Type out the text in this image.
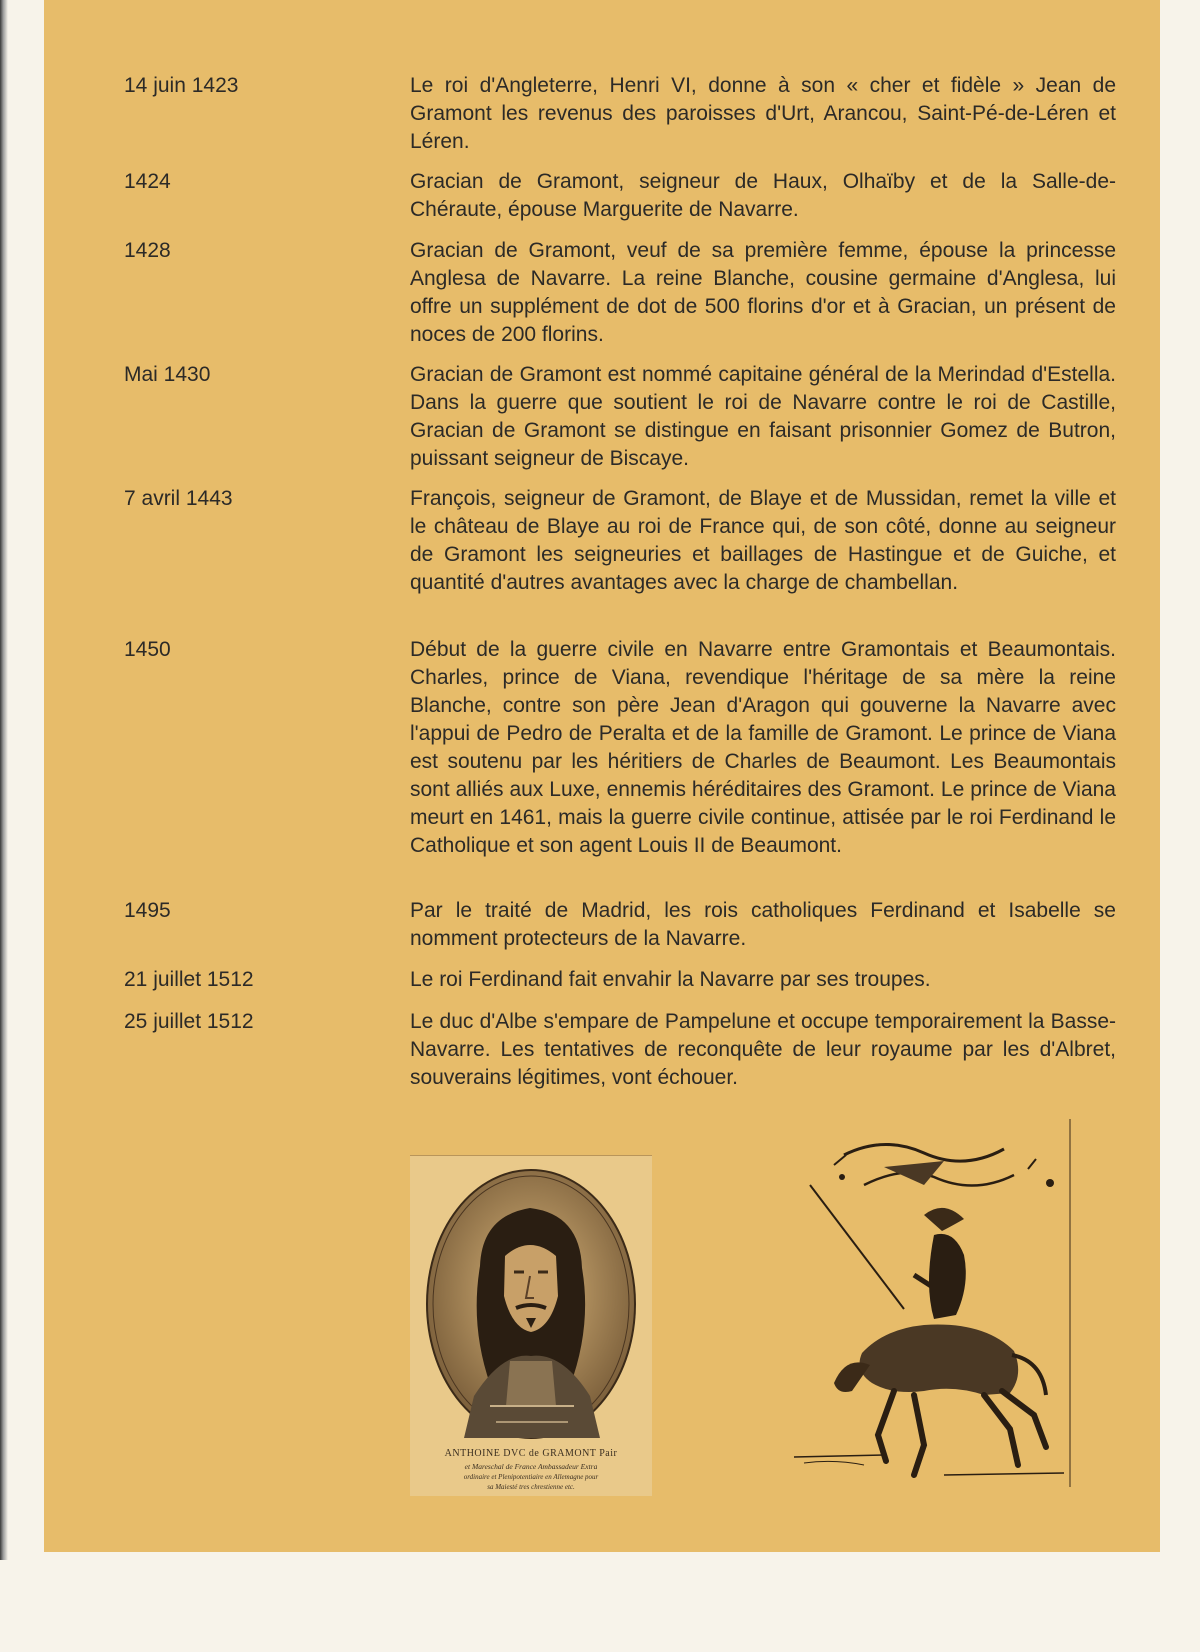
14 juin 1423	Le roi d'Angleterre, Henri VI, donne à son « cher et fidèle » Jean de Gramont les revenus des paroisses d'Urt, Arancou, Saint-Pé-de-Léren et Léren.
1424	Gracian de Gramont, seigneur de Haux, Olhaïby et de la Salle-de-Chéraute, épouse Marguerite de Navarre.
1428	Gracian de Gramont, veuf de sa première femme, épouse la princesse Anglesa de Navarre. La reine Blanche, cousine germaine d'Anglesa, lui offre un supplément de dot de 500 florins d'or et à Gracian, un présent de noces de 200 florins.
Mai 1430	Gracian de Gramont est nommé capitaine général de la Merindad d'Estella. Dans la guerre que soutient le roi de Navarre contre le roi de Castille, Gracian de Gramont se distingue en faisant prisonnier Gomez de Butron, puissant seigneur de Biscaye.
7 avril 1443	François, seigneur de Gramont, de Blaye et de Mussidan, remet la ville et le château de Blaye au roi de France qui, de son côté, donne au seigneur de Gramont les seigneuries et baillages de Hastingue et de Guiche, et quantité d'autres avantages avec la charge de chambellan.
1450	Début de la guerre civile en Navarre entre Gramontais et Beaumontais. Charles, prince de Viana, revendique l'héritage de sa mère la reine Blanche, contre son père Jean d'Aragon qui gouverne la Navarre avec l'appui de Pedro de Peralta et de la famille de Gramont. Le prince de Viana est soutenu par les héritiers de Charles de Beaumont. Les Beaumontais sont alliés aux Luxe, ennemis héréditaires des Gramont. Le prince de Viana meurt en 1461, mais la guerre civile continue, attisée par le roi Ferdinand le Catholique et son agent Louis II de Beaumont.
1495	Par le traité de Madrid, les rois catholiques Ferdinand et Isabelle se nomment protecteurs de la Navarre.
21 juillet 1512	Le roi Ferdinand fait envahir la Navarre par ses troupes.
25 juillet 1512	Le duc d'Albe s'empare de Pampelune et occupe temporairement la Basse-Navarre. Les tentatives de reconquête de leur royaume par les d'Albret, souverains légitimes, vont échouer.
ANTHOINE DVC de GRAMONT Pair
et Mareschal de France Ambassadeur Extra
ordinaire et Plenipotentiaire en Allemagne pour
sa Maiesté tres chrestienne etc.
